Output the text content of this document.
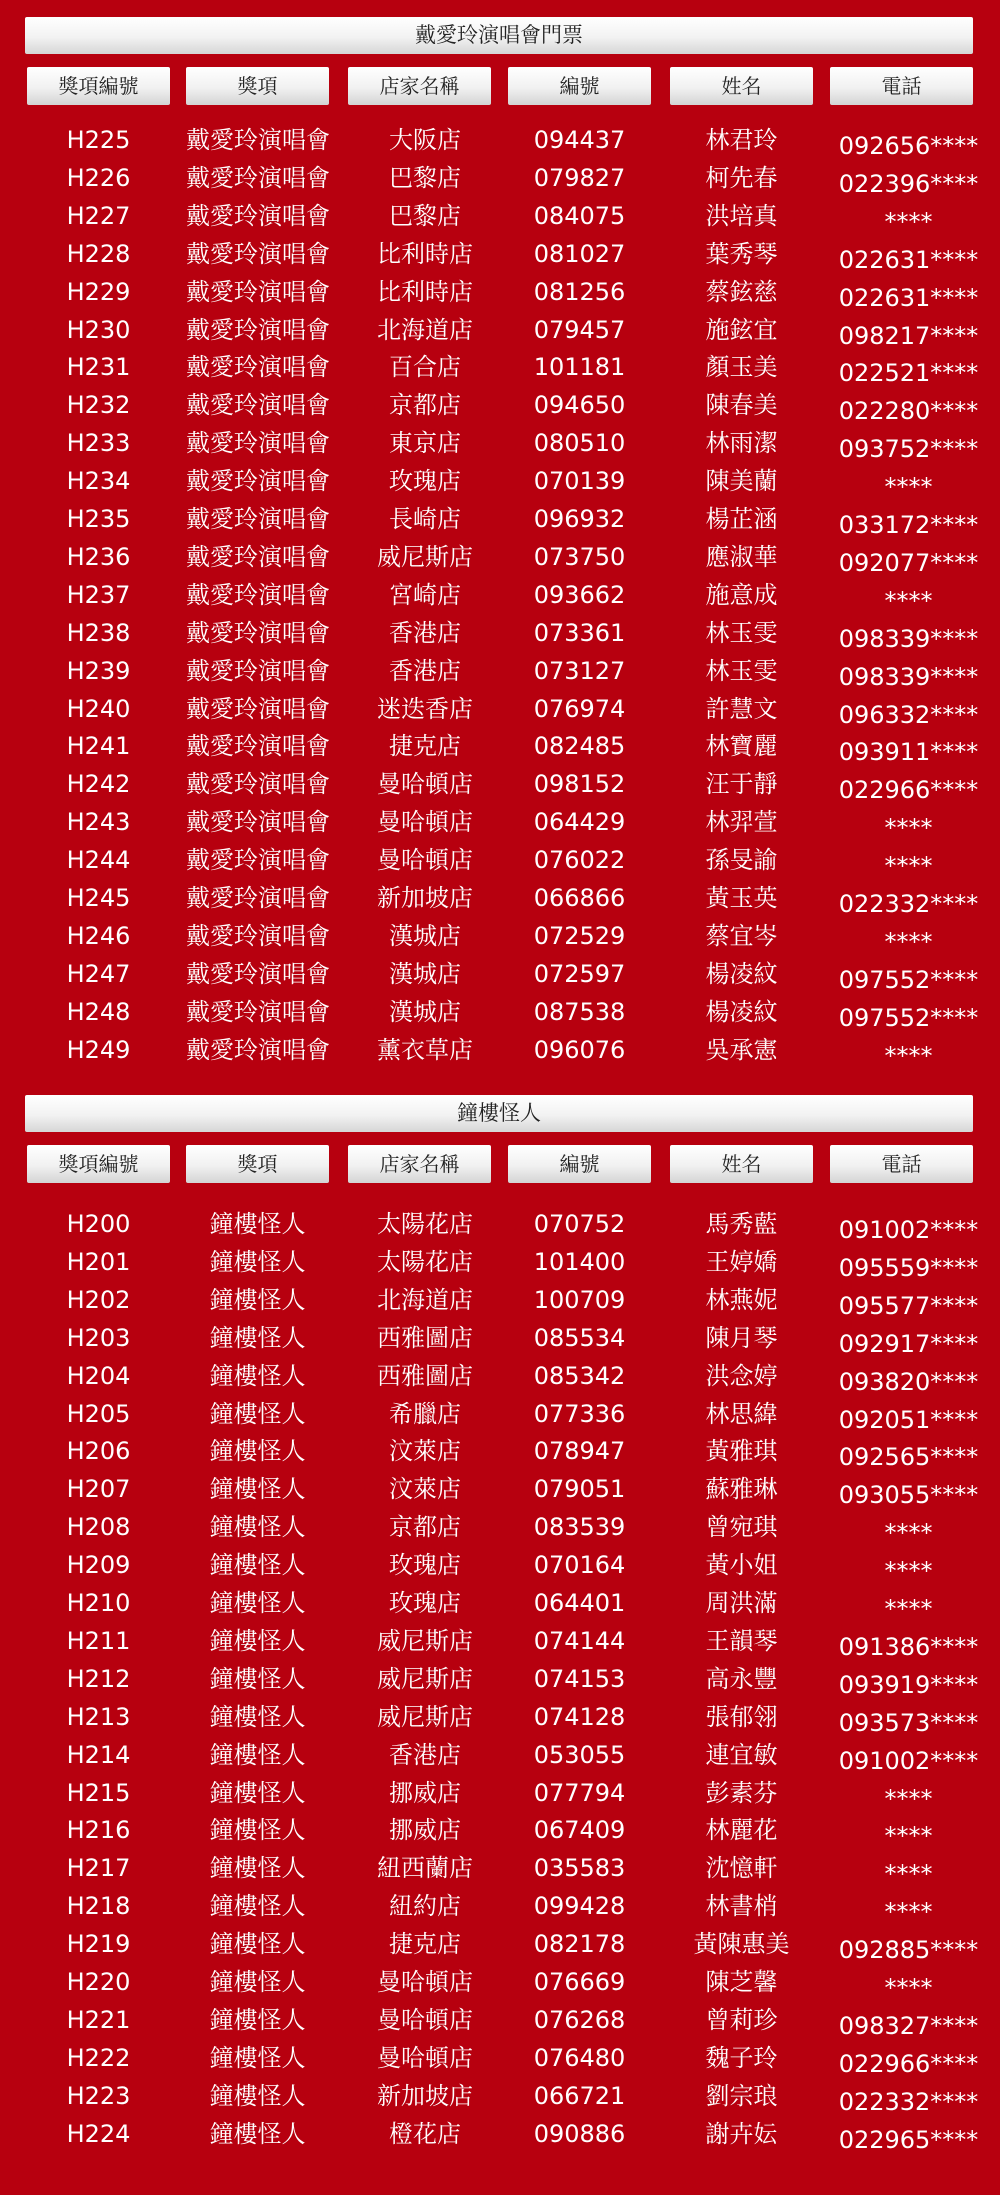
戴愛玲演唱會門票
獎項編號	獎項	店家名稱	編號	姓名	電話
H225	戴愛玲演唱會	大阪店	094437	林君玲	092656****
H226	戴愛玲演唱會	巴黎店	079827	柯先春	022396****
H227	戴愛玲演唱會	巴黎店	084075	洪培真	****
H228	戴愛玲演唱會	比利時店	081027	葉秀琴	022631****
H229	戴愛玲演唱會	比利時店	081256	蔡鉉慈	022631****
H230	戴愛玲演唱會	北海道店	079457	施鉉宜	098217****
H231	戴愛玲演唱會	百合店	101181	顏玉美	022521****
H232	戴愛玲演唱會	京都店	094650	陳春美	022280****
H233	戴愛玲演唱會	東京店	080510	林雨潔	093752****
H234	戴愛玲演唱會	玫瑰店	070139	陳美蘭	****
H235	戴愛玲演唱會	長崎店	096932	楊芷涵	033172****
H236	戴愛玲演唱會	威尼斯店	073750	應淑華	092077****
H237	戴愛玲演唱會	宮崎店	093662	施意成	****
H238	戴愛玲演唱會	香港店	073361	林玉雯	098339****
H239	戴愛玲演唱會	香港店	073127	林玉雯	098339****
H240	戴愛玲演唱會	迷迭香店	076974	許慧文	096332****
H241	戴愛玲演唱會	捷克店	082485	林寶麗	093911****
H242	戴愛玲演唱會	曼哈頓店	098152	汪于靜	022966****
H243	戴愛玲演唱會	曼哈頓店	064429	林羿萱	****
H244	戴愛玲演唱會	曼哈頓店	076022	孫旻諭	****
H245	戴愛玲演唱會	新加坡店	066866	黃玉英	022332****
H246	戴愛玲演唱會	漢城店	072529	蔡宜岑	****
H247	戴愛玲演唱會	漢城店	072597	楊凌紋	097552****
H248	戴愛玲演唱會	漢城店	087538	楊凌紋	097552****
H249	戴愛玲演唱會	薰衣草店	096076	吳承憲	****
鐘樓怪人
獎項編號	獎項	店家名稱	編號	姓名	電話
H200	鐘樓怪人	太陽花店	070752	馬秀藍	091002****
H201	鐘樓怪人	太陽花店	101400	王婷嬌	095559****
H202	鐘樓怪人	北海道店	100709	林燕妮	095577****
H203	鐘樓怪人	西雅圖店	085534	陳月琴	092917****
H204	鐘樓怪人	西雅圖店	085342	洪念婷	093820****
H205	鐘樓怪人	希臘店	077336	林思緯	092051****
H206	鐘樓怪人	汶萊店	078947	黃雅琪	092565****
H207	鐘樓怪人	汶萊店	079051	蘇雅琳	093055****
H208	鐘樓怪人	京都店	083539	曾宛琪	****
H209	鐘樓怪人	玫瑰店	070164	黃小姐	****
H210	鐘樓怪人	玫瑰店	064401	周洪滿	****
H211	鐘樓怪人	威尼斯店	074144	王韻琴	091386****
H212	鐘樓怪人	威尼斯店	074153	高永豐	093919****
H213	鐘樓怪人	威尼斯店	074128	張郁翎	093573****
H214	鐘樓怪人	香港店	053055	連宜敏	091002****
H215	鐘樓怪人	挪威店	077794	彭素芬	****
H216	鐘樓怪人	挪威店	067409	林麗花	****
H217	鐘樓怪人	紐西蘭店	035583	沈憶軒	****
H218	鐘樓怪人	紐約店	099428	林書梢	****
H219	鐘樓怪人	捷克店	082178	黃陳惠美	092885****
H220	鐘樓怪人	曼哈頓店	076669	陳芝馨	****
H221	鐘樓怪人	曼哈頓店	076268	曾莉珍	098327****
H222	鐘樓怪人	曼哈頓店	076480	魏子玲	022966****
H223	鐘樓怪人	新加坡店	066721	劉宗琅	022332****
H224	鐘樓怪人	橙花店	090886	謝卉妘	022965****
